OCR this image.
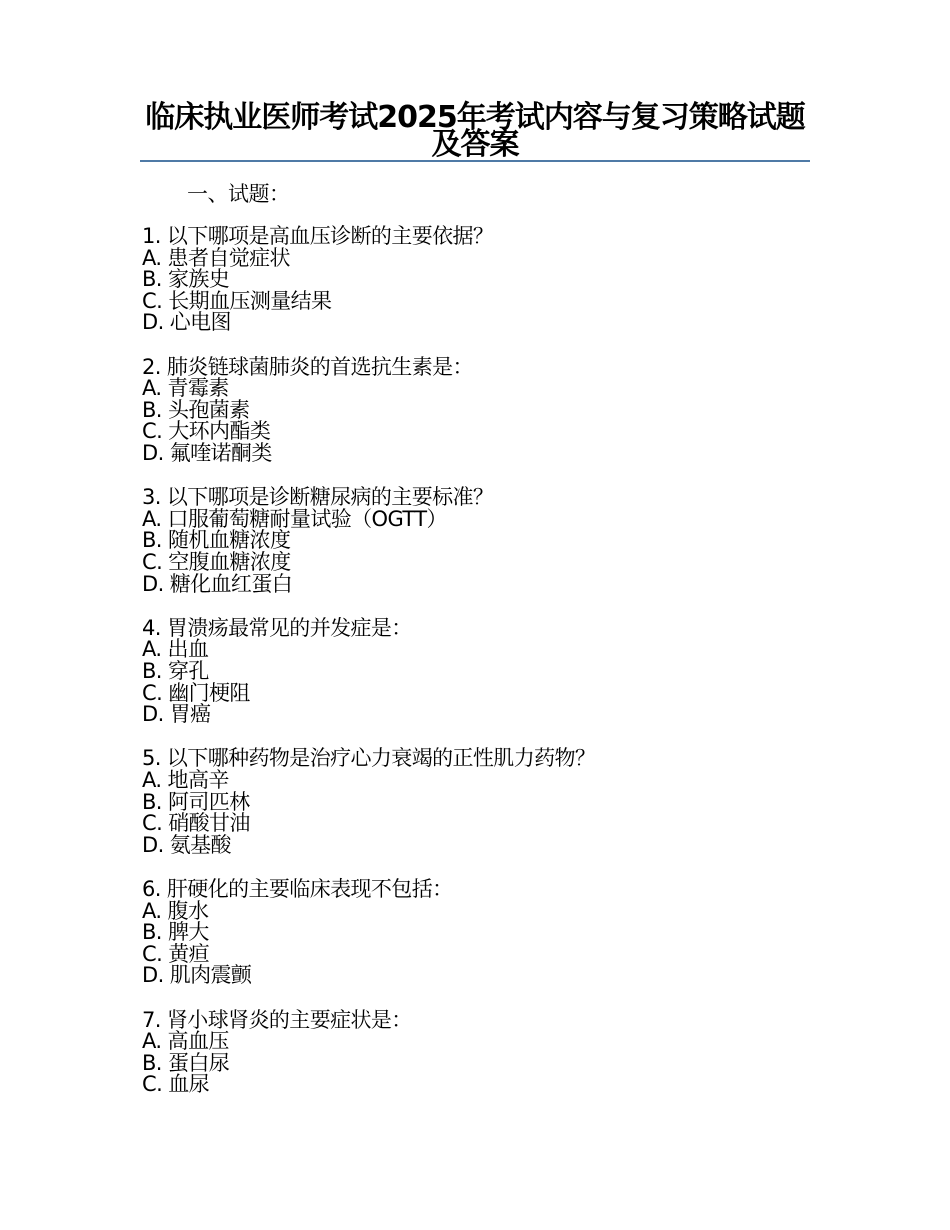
临床执业医师考试2025年考试内容与复习策略试题及答案
一、试题：
1. 以下哪项是高血压诊断的主要依据？
A. 患者自觉症状
B. 家族史
C. 长期血压测量结果
D. 心电图
2. 肺炎链球菌肺炎的首选抗生素是：
A. 青霉素
B. 头孢菌素
C. 大环内酯类
D. 氟喹诺酮类
3. 以下哪项是诊断糖尿病的主要标准？
A. 口服葡萄糖耐量试验（OGTT）
B. 随机血糖浓度
C. 空腹血糖浓度
D. 糖化血红蛋白
4. 胃溃疡最常见的并发症是：
A. 出血
B. 穿孔
C. 幽门梗阻
D. 胃癌
5. 以下哪种药物是治疗心力衰竭的正性肌力药物？
A. 地高辛
B. 阿司匹林
C. 硝酸甘油
D. 氨基酸
6. 肝硬化的主要临床表现不包括：
A. 腹水
B. 脾大
C. 黄疸
D. 肌肉震颤
7. 肾小球肾炎的主要症状是：
A. 高血压
B. 蛋白尿
C. 血尿
